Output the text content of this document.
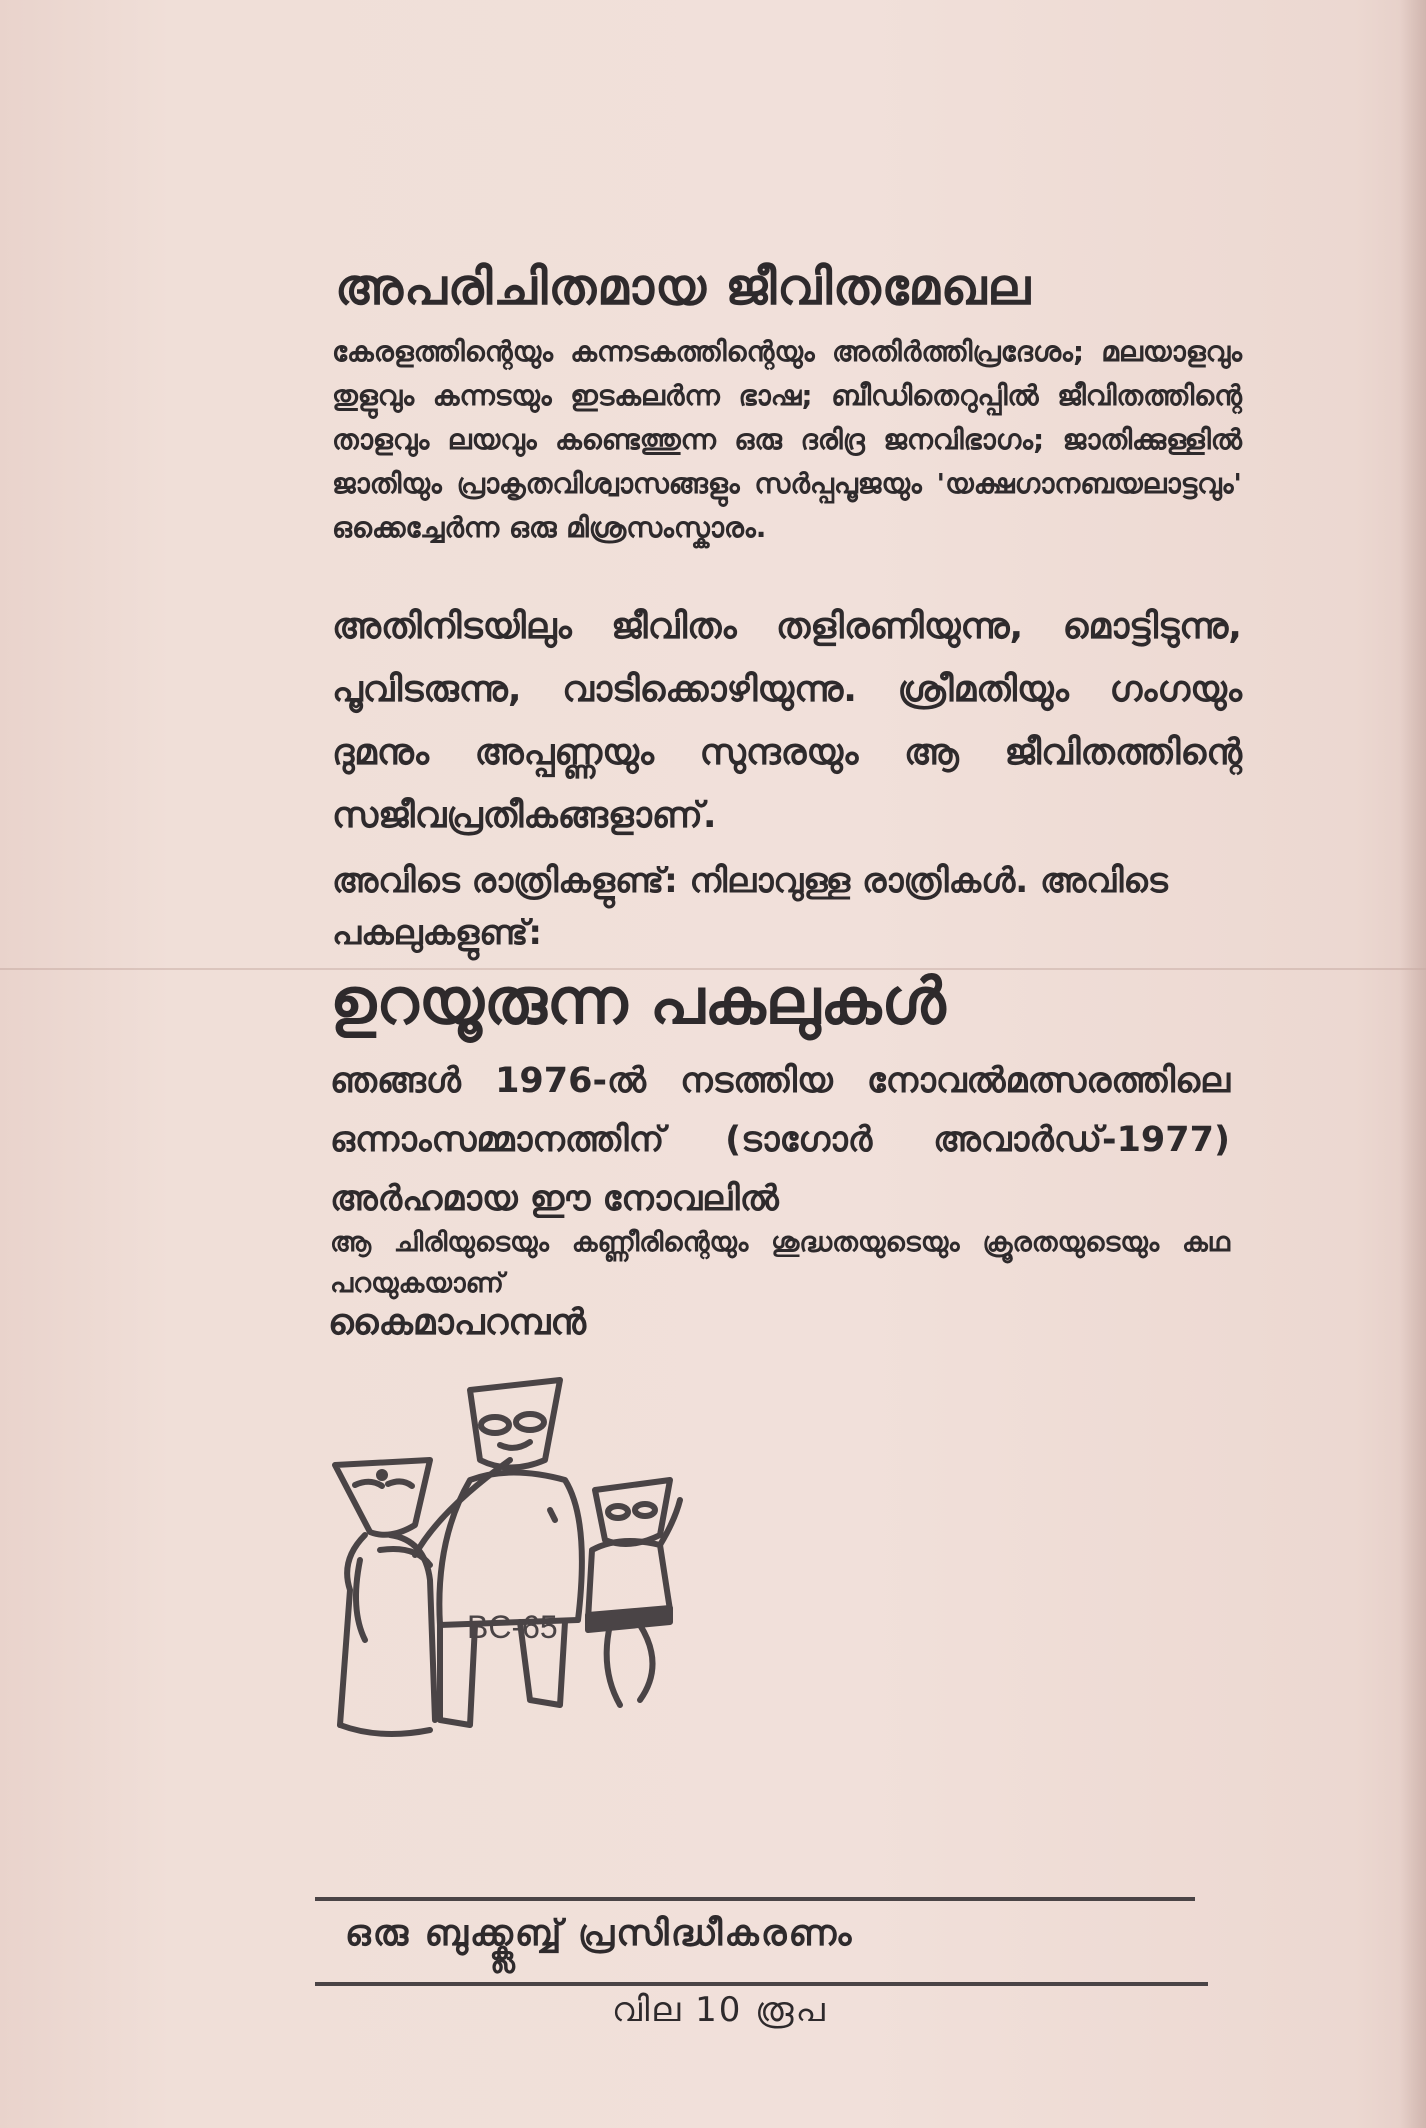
അപരിചിതമായ ജീവിതമേഖല
കേരളത്തിന്റെയും കന്നടകത്തിന്റെയും അതിര്‍ത്തിപ്രദേശം; മലയാളവും തുളുവും കന്നടയും ഇടകലര്‍ന്ന ഭാഷ; ബീഡിതെറുപ്പില്‍ ജീവിതത്തിന്റെ താളവും ലയവും കണ്ടെത്തുന്ന ഒരു ദരിദ്ര ജനവിഭാഗം; ജാതിക്കുള്ളില്‍ ജാതിയും പ്രാകൃതവിശ്വാസങ്ങളും സര്‍പ്പപൂജയും 'യക്ഷഗാനബയലാട്ടവും' ഒക്കെച്ചേര്‍ന്ന ഒരു മിശ്രസംസ്കാരം.
അതിനിടയിലും ജീവിതം തളിരണിയുന്നു, മൊട്ടിടുന്നു, പൂവിടരുന്നു, വാടിക്കൊഴിയുന്നു. ശ്രീമതിയും ഗംഗയും ദുമനും അപ്പണ്ണയും സുന്ദരയും ആ ജീവിതത്തിന്റെ സജീവപ്രതീകങ്ങളാണ്.
അവിടെ രാത്രികളുണ്ട്: നിലാവുള്ള രാത്രികള്‍. അവിടെ പകലുകളുണ്ട്:
ഉറയൂരുന്ന പകലുകള്‍
ഞങ്ങള്‍ 1976-ല്‍ നടത്തിയ നോവല്‍മത്സരത്തിലെ ഒന്നാംസമ്മാനത്തിന് (ടാഗോര്‍ അവാര്‍ഡ്-1977) അര്‍ഹമായ ഈ നോവലില്‍
ആ ചിരിയുടെയും കണ്ണീരിന്റെയും ശുദ്ധതയുടെയും ക്രൂരതയുടെയും കഥ പറയുകയാണ്
കൈമാപറമ്പന്‍
BC-65
ഒരു ബുക്ക്ക്ലബ്ബ് പ്രസിദ്ധീകരണം
വില 10 രൂപ
